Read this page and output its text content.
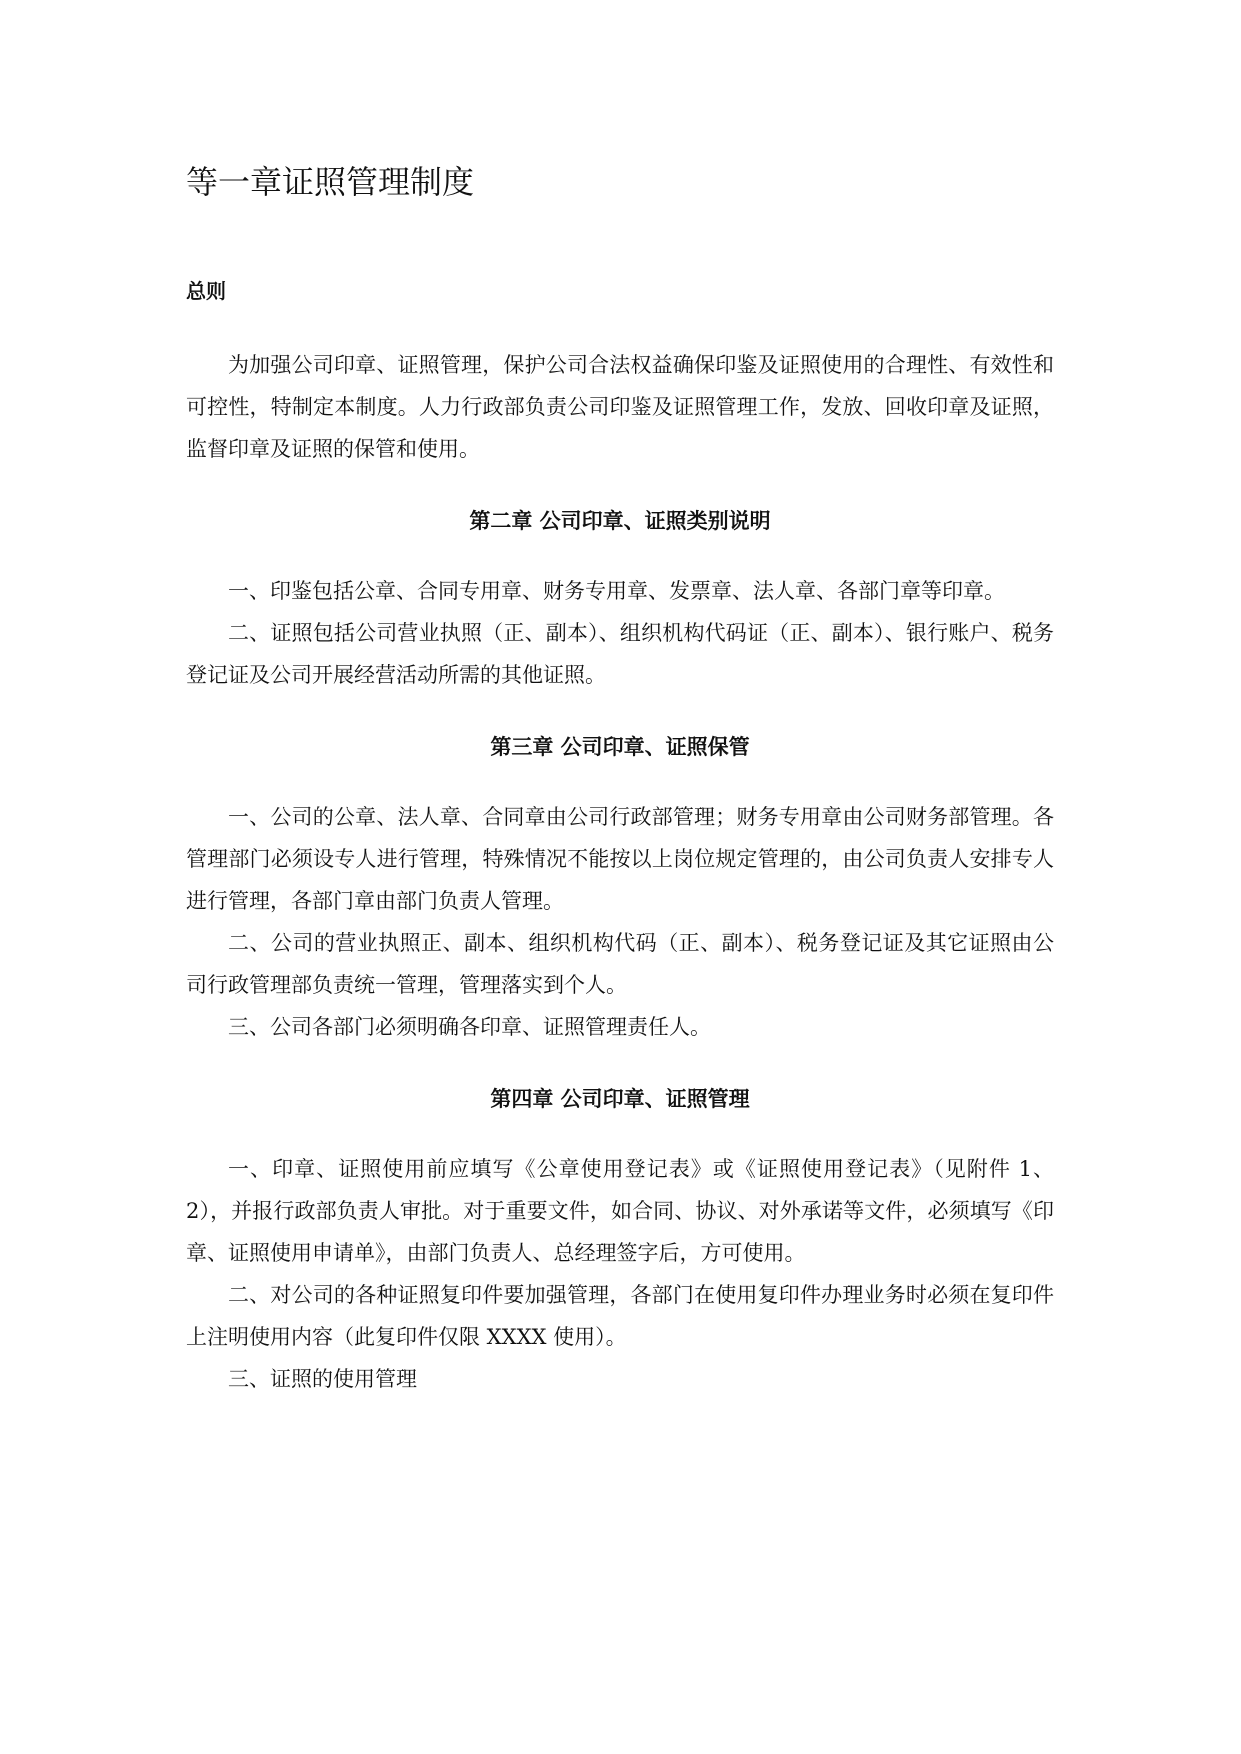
等一章证照管理制度
总则

为加强公司印章、证照管理，保护公司合法权益确保印鉴及证照使用的合理性、有效性和可控性，特制定本制度。人力行政部负责公司印鉴及证照管理工作，发放、回收印章及证照，监督印章及证照的保管和使用。

第二章 公司印章、证照类别说明

一、印鉴包括公章、合同专用章、财务专用章、发票章、法人章、各部门章等印章。

二、证照包括公司营业执照（正、副本）、组织机构代码证（正、副本）、银行账户、税务登记证及公司开展经营活动所需的其他证照。

第三章 公司印章、证照保管

一、公司的公章、法人章、合同章由公司行政部管理；财务专用章由公司财务部管理。各管理部门必须设专人进行管理，特殊情况不能按以上岗位规定管理的，由公司负责人安排专人进行管理，各部门章由部门负责人管理。

二、公司的营业执照正、副本、组织机构代码（正、副本）、税务登记证及其它证照由公司行政管理部负责统一管理，管理落实到个人。

三、公司各部门必须明确各印章、证照管理责任人。

第四章 公司印章、证照管理

一、印章、证照使用前应填写《公章使用登记表》或《证照使用登记表》（见附件 1、2），并报行政部负责人审批。对于重要文件，如合同、协议、对外承诺等文件，必须填写《印章、证照使用申请单》，由部门负责人、总经理签字后，方可使用。

二、对公司的各种证照复印件要加强管理，各部门在使用复印件办理业务时必须在复印件上注明使用内容（此复印件仅限 XXXX 使用）。

三、证照的使用管理
